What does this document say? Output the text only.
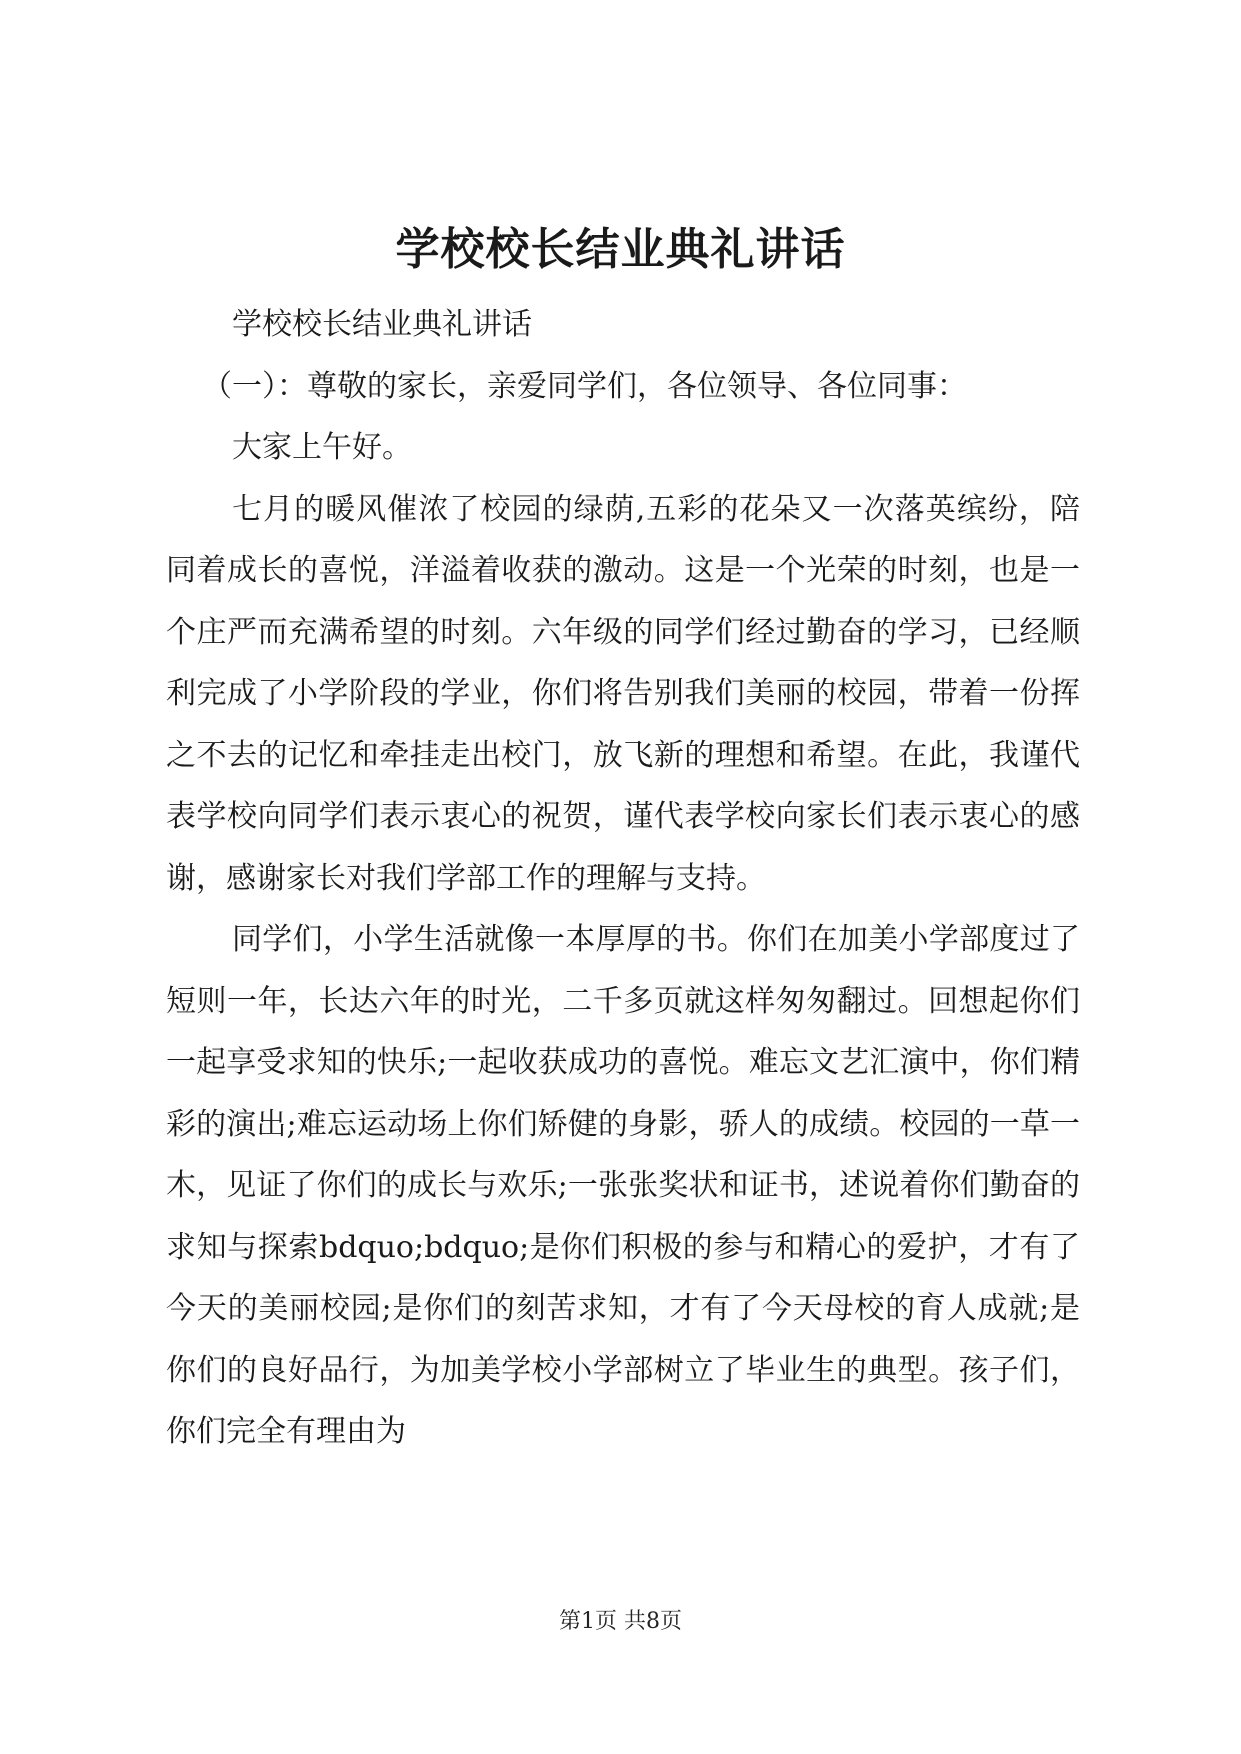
学校校长结业典礼讲话

学校校长结业典礼讲话

（一）：尊敬的家长，亲爱同学们，各位领导、各位同事：

大家上午好。

七月的暖风催浓了校园的绿荫,五彩的花朵又一次落英缤纷，陪同着成长的喜悦，洋溢着收获的激动。这是一个光荣的时刻，也是一个庄严而充满希望的时刻。六年级的同学们经过勤奋的学习，已经顺利完成了小学阶段的学业，你们将告别我们美丽的校园，带着一份挥之不去的记忆和牵挂走出校门，放飞新的理想和希望。在此，我谨代表学校向同学们表示衷心的祝贺，谨代表学校向家长们表示衷心的感谢，感谢家长对我们学部工作的理解与支持。

同学们，小学生活就像一本厚厚的书。你们在加美小学部度过了短则一年，长达六年的时光，二千多页就这样匆匆翻过。回想起你们一起享受求知的快乐;一起收获成功的喜悦。难忘文艺汇演中，你们精彩的演出;难忘运动场上你们矫健的身影，骄人的成绩。校园的一草一木，见证了你们的成长与欢乐;一张张奖状和证书，述说着你们勤奋的求知与探索bdquo;bdquo;是你们积极的参与和精心的爱护，才有了今天的美丽校园;是你们的刻苦求知，才有了今天母校的育人成就;是你们的良好品行，为加美学校小学部树立了毕业生的典型。孩子们，你们完全有理由为

第1页 共8页
